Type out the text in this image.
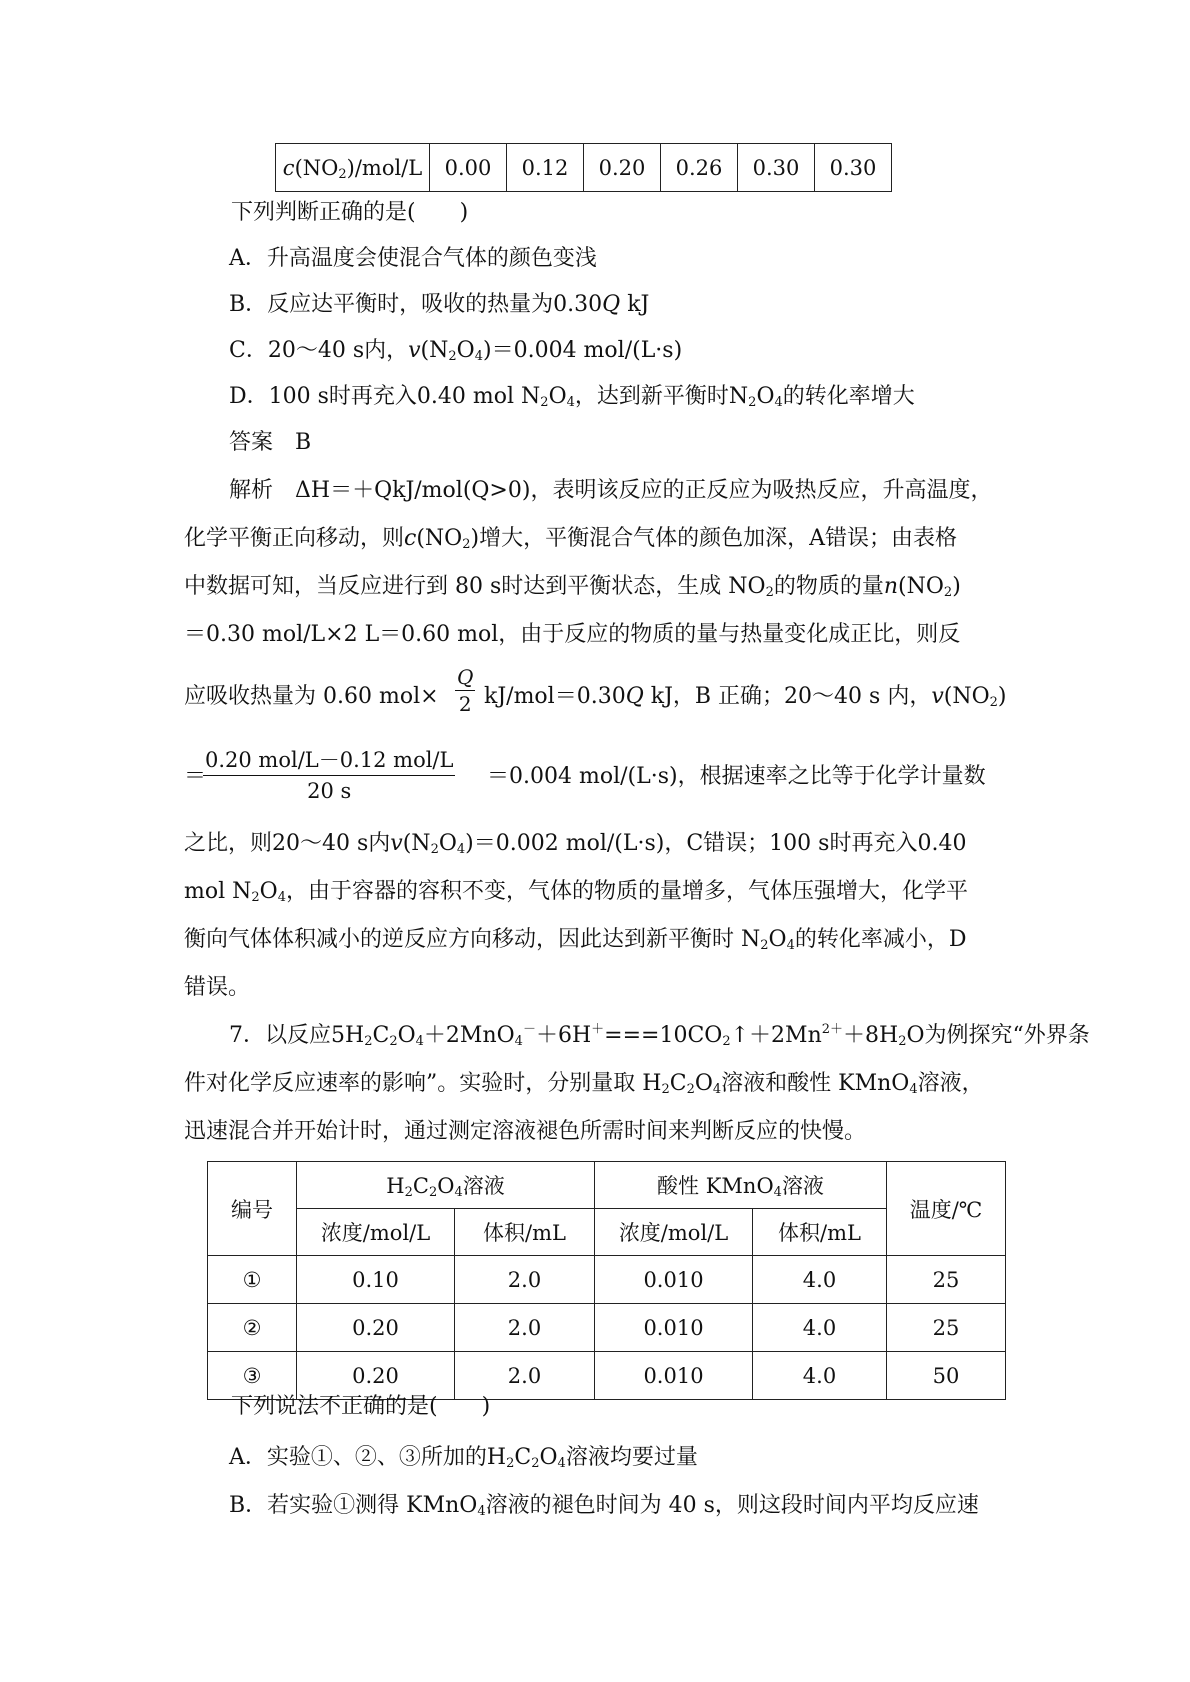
$c(NO_2)/mol/L$	0.00	0.12	0.20	0.26	0.30	0.30
下列判断正确的是(　　)
A．升高温度会使混合气体的颜色变浅
B．反应达平衡时，吸收的热量为0.30Q kJ
C．20～40 s内，$v(N_2O_4)=0.004$ mol/(L·s)
D．100 s时再充入0.40 mol $N_2O_4$，达到新平衡时$N_2O_4$的转化率增大
答案　B
解析　ΔH＝＋QkJ/mol(Q>0)，表明该反应的正反应为吸热反应，升高温度，
化学平衡正向移动，则$c(NO_2)$增大，平衡混合气体的颜色加深，A错误；由表格
中数据可知，当反应进行到 80 s时达到平衡状态，生成 $NO_2$的物质的量$n(NO_2)$
＝0.30 mol/L×2 L＝0.60 mol，由于反应的物质的量与热量变化成正比，则反
应吸收热量为 0.60 $mol\times \frac{Q}{2} kJ/mol=0.30Q$ kJ，B 正确；20～40 s 内，$v(NO_2)$
＝
0.20 mol/L－0.12 mol/L
20 s
＝0.004 mol/(L·s)，根据速率之比等于化学计量数
之比，则20～40 s内$v(N_2O_4)=0.002$ mol/(L·s)，C错误；100 s时再充入0.40
mol $N_2O_4$，由于容器的容积不变，气体的物质的量增多，气体压强增大，化学平
衡向气体体积减小的逆反应方向移动，因此达到新平衡时 $N_2O_4$的转化率减小，D
错误。
7．以反应$5H_2C_2O_4+2MnO_4^-+6H^+===10CO_2↑+2Mn^{2+}+8H_2O$为例探究“外界条
件对化学反应速率的影响”。实验时，分别量取 $H_2C_2O_4$溶液和酸性 KMnO$_4$溶液，
迅速混合并开始计时，通过测定溶液褪色所需时间来判断反应的快慢。
编号	$H_2C_2O_4$溶液		酸性 KMnO$_4$溶液		温度/℃
	浓度/mol/L	体积/mL	浓度/mol/L	体积/mL	
①	0.10	2.0	0.010	4.0	25
②	0.20	2.0	0.010	4.0	25
③	0.20	2.0	0.010	4.0	50
下列说法不正确的是(　　)
A．实验①、②、③所加的$H_2C_2O_4$溶液均要过量
B．若实验①测得 KMnO$_4$溶液的褪色时间为 40 s，则这段时间内平均反应速
